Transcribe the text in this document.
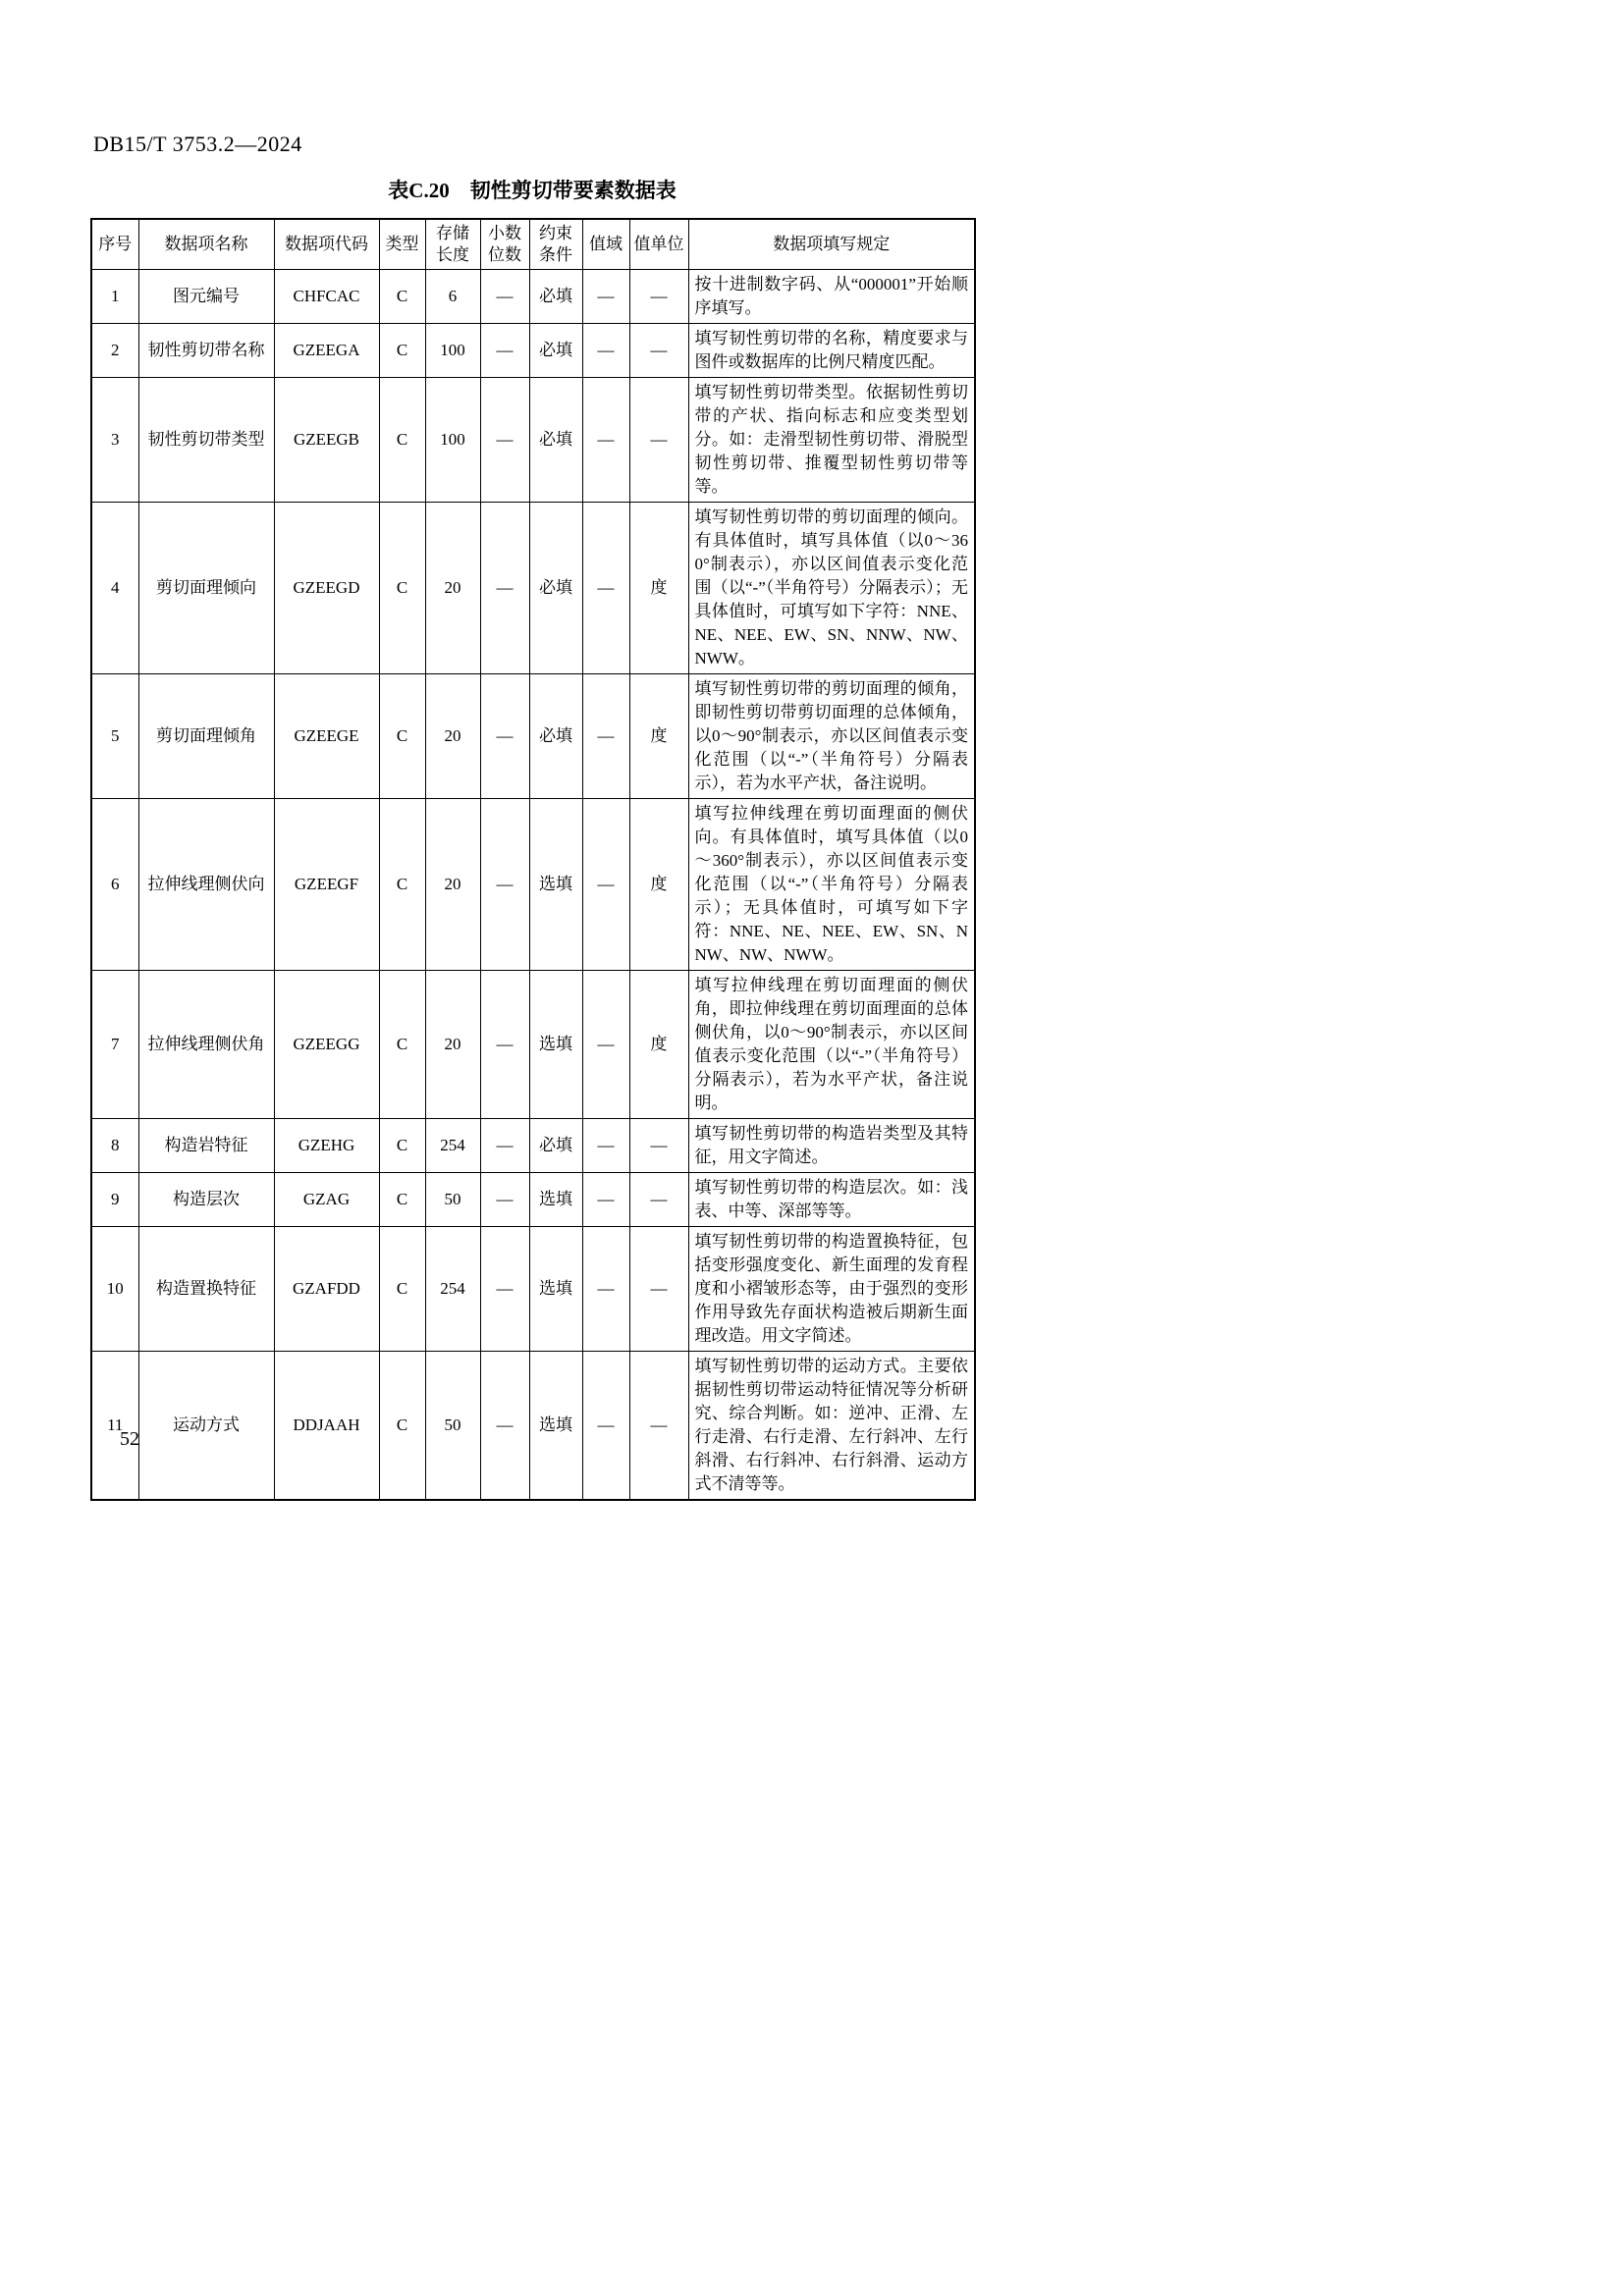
DB15/T 3753.2—2024
表C.20　韧性剪切带要素数据表
序号	数据项名称	数据项代码	类型	存储长度	小数位数	约束条件	值域	值单位	数据项填写规定
1	图元编号	CHFCAC	C	6	—	必填	—	—	按十进制数字码、从“000001”开始顺序填写。
2	韧性剪切带名称	GZEEGA	C	100	—	必填	—	—	填写韧性剪切带的名称，精度要求与图件或数据库的比例尺精度匹配。
3	韧性剪切带类型	GZEEGB	C	100	—	必填	—	—	填写韧性剪切带类型。依据韧性剪切带的产状、指向标志和应变类型划分。如：走滑型韧性剪切带、滑脱型韧性剪切带、推覆型韧性剪切带等等。
4	剪切面理倾向	GZEEGD	C	20	—	必填	—	度	填写韧性剪切带的剪切面理的倾向。有具体值时，填写具体值（以0～360°制表示），亦以区间值表示变化范围（以“-”（半角符号）分隔表示）；无具体值时，可填写如下字符：NNE、NE、NEE、EW、SN、NNW、NW、NWW。
5	剪切面理倾角	GZEEGE	C	20	—	必填	—	度	填写韧性剪切带的剪切面理的倾角，即韧性剪切带剪切面理的总体倾角，以0～90°制表示，亦以区间值表示变化范围（以“-”（半角符号）分隔表示），若为水平产状，备注说明。
6	拉伸线理侧伏向	GZEEGF	C	20	—	选填	—	度	填写拉伸线理在剪切面理面的侧伏向。有具体值时，填写具体值（以0～360°制表示），亦以区间值表示变化范围（以“-”（半角符号）分隔表示）；无具体值时，可填写如下字符：NNE、NE、NEE、EW、SN、NNW、NW、NWW。
7	拉伸线理侧伏角	GZEEGG	C	20	—	选填	—	度	填写拉伸线理在剪切面理面的侧伏角，即拉伸线理在剪切面理面的总体侧伏角，以0～90°制表示，亦以区间值表示变化范围（以“-”（半角符号）分隔表示），若为水平产状，备注说明。
8	构造岩特征	GZEHG	C	254	—	必填	—	—	填写韧性剪切带的构造岩类型及其特征，用文字简述。
9	构造层次	GZAG	C	50	—	选填	—	—	填写韧性剪切带的构造层次。如：浅表、中等、深部等等。
10	构造置换特征	GZAFDD	C	254	—	选填	—	—	填写韧性剪切带的构造置换特征，包括变形强度变化、新生面理的发育程度和小褶皱形态等，由于强烈的变形作用导致先存面状构造被后期新生面理改造。用文字简述。
11	运动方式	DDJAAH	C	50	—	选填	—	—	填写韧性剪切带的运动方式。主要依据韧性剪切带运动特征情况等分析研究、综合判断。如：逆冲、正滑、左行走滑、右行走滑、左行斜冲、左行斜滑、右行斜冲、右行斜滑、运动方式不清等等。
52
